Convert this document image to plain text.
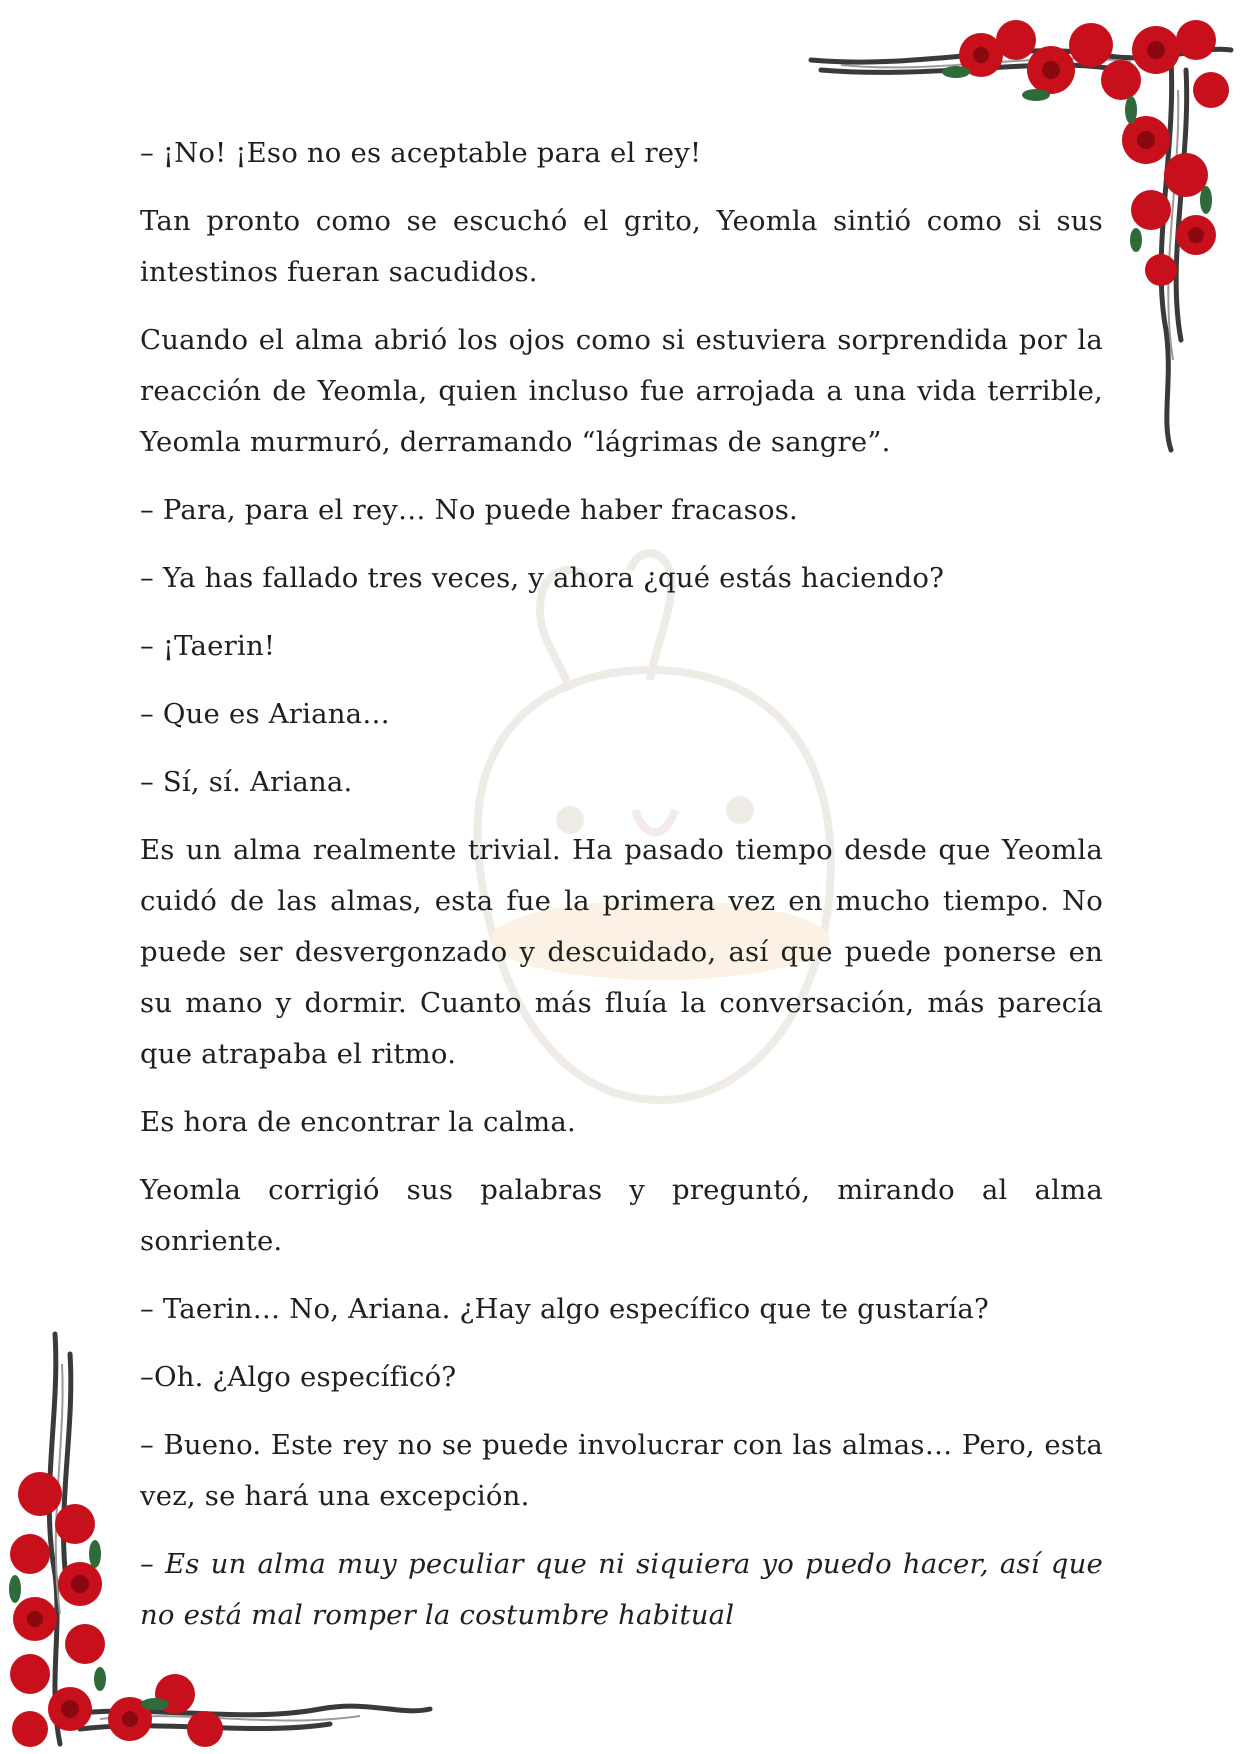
– ¡No! ¡Eso no es aceptable para el rey!

Tan pronto como se escuchó el grito, Yeomla sintió como si sus intestinos fueran sacudidos.

Cuando el alma abrió los ojos como si estuviera sorprendida por la reacción de Yeomla, quien incluso fue arrojada a una vida terrible, Yeomla murmuró, derramando “lágrimas de sangre”.

– Para, para el rey… No puede haber fracasos.

– Ya has fallado tres veces, y ahora ¿qué estás haciendo?

– ¡Taerin!

– Que es Ariana…

– Sí, sí. Ariana.

Es un alma realmente trivial. Ha pasado tiempo desde que Yeomla cuidó de las almas, esta fue la primera vez en mucho tiempo. No puede ser desvergonzado y descuidado, así que puede ponerse en su mano y dormir. Cuanto más fluía la conversación, más parecía que atrapaba el ritmo.

Es hora de encontrar la calma.

Yeomla corrigió sus palabras y preguntó, mirando al alma sonriente.

– Taerin… No, Ariana. ¿Hay algo específico que te gustaría?

–Oh. ¿Algo específicó?

– Bueno. Este rey no se puede involucrar con las almas… Pero, esta vez, se hará una excepción.

– Es un alma muy peculiar que ni siquiera yo puedo hacer, así que no está mal romper la costumbre habitual
